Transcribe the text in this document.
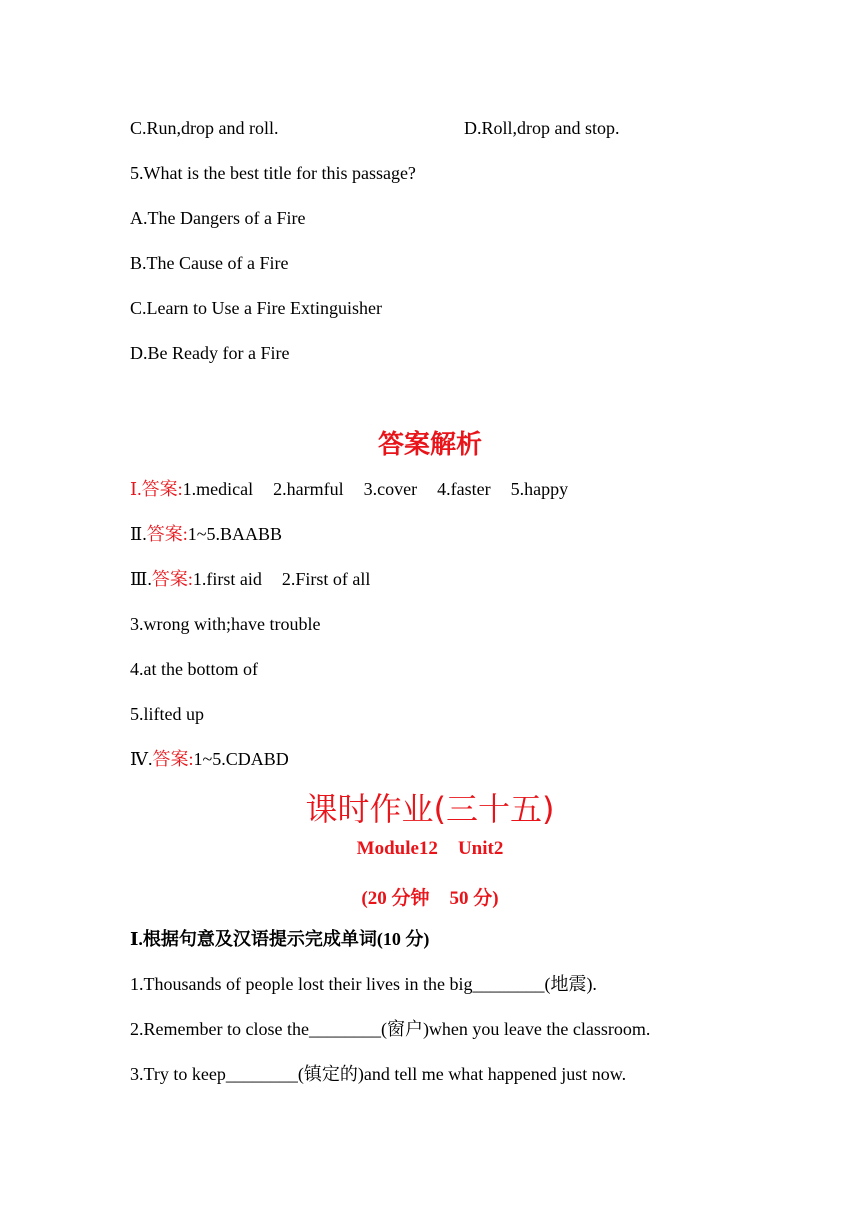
C.Run,drop and roll.	D.Roll,drop and stop.
5.What is the best title for this passage?
A.The Dangers of a Fire
B.The Cause of a Fire
C.Learn to Use a Fire Extinguisher
D.Be Ready for a Fire
答案解析
Ⅰ.答案:1.medical 2.harmful 3.cover 4.faster 5.happy
Ⅱ.答案:1~5.BAABB
Ⅲ.答案:1.first aid 2.First of all
3.wrong with;have trouble
4.at the bottom of
5.lifted up
Ⅳ.答案:1~5.CDABD
课时作业(三十五)
Module12 Unit2
(20 分钟 50 分)
Ⅰ.根据句意及汉语提示完成单词(10 分)
1.Thousands of people lost their lives in the big________(地震).
2.Remember to close the________(窗户)when you leave the classroom.
3.Try to keep________(镇定的)and tell me what happened just now.
